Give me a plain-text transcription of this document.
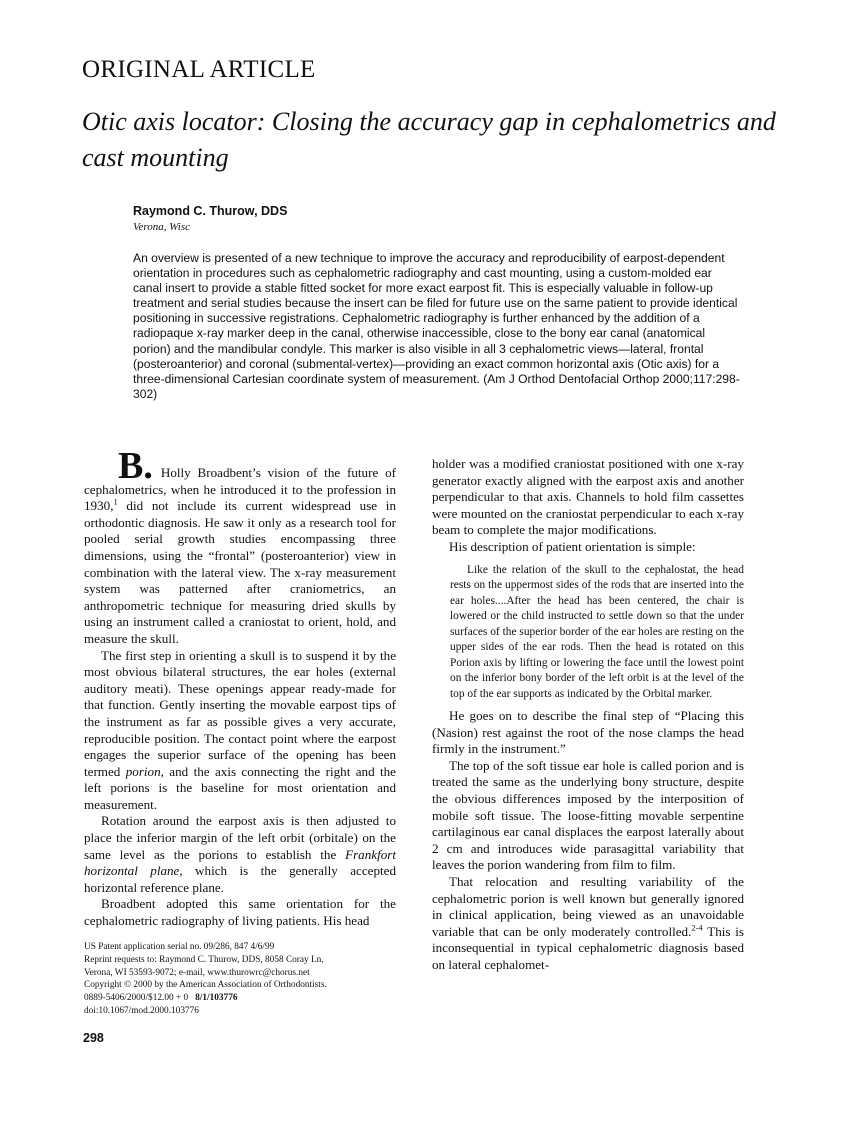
ORIGINAL ARTICLE
Otic axis locator: Closing the accuracy gap in cephalometrics and cast mounting
Raymond C. Thurow, DDS
Verona, Wisc
An overview is presented of a new technique to improve the accuracy and reproducibility of earpost-dependent orientation in procedures such as cephalometric radiography and cast mounting, using a custom-molded ear canal insert to provide a stable fitted socket for more exact earpost fit. This is especially valuable in follow-up treatment and serial studies because the insert can be filed for future use on the same patient to provide identical positioning in successive registrations. Cephalometric radiography is further enhanced by the addition of a radiopaque x-ray marker deep in the canal, otherwise inaccessible, close to the bony ear canal (anatomical porion) and the mandibular condyle. This marker is also visible in all 3 cephalometric views—lateral, frontal (posteroanterior) and coronal (submental-vertex)—providing an exact common horizontal axis (Otic axis) for a three-dimensional Cartesian coordinate system of measurement. (Am J Orthod Dentofacial Orthop 2000;117:298-302)

B. Holly Broadbent’s vision of the future of cephalometrics, when he introduced it to the profession in 1930,$^1$ did not include its current widespread use in orthodontic diagnosis. He saw it only as a research tool for pooled serial growth studies encompassing three dimensions, using the “frontal” (posteroanterior) view in combination with the lateral view. The x-ray measurement system was patterned after craniometrics, an anthropometric technique for measuring dried skulls by using an instrument called a craniostat to orient, hold, and measure the skull.

The first step in orienting a skull is to suspend it by the most obvious bilateral structures, the ear holes (external auditory meati). These openings appear ready-made for that function. Gently inserting the movable earpost tips of the instrument as far as possible gives a very accurate, reproducible position. The contact point where the earpost engages the superior surface of the opening has been termed porion, and the axis connecting the right and the left porions is the baseline for most orientation and measurement.

Rotation around the earpost axis is then adjusted to place the inferior margin of the left orbit (orbitale) on the same level as the porions to establish the Frankfort horizontal plane, which is the generally accepted horizontal reference plane.

Broadbent adopted this same orientation for the cephalometric radiography of living patients. His head

holder was a modified craniostat positioned with one x-ray generator exactly aligned with the earpost axis and another perpendicular to that axis. Channels to hold film cassettes were mounted on the craniostat perpendicular to each x-ray beam to complete the major modifications.

His description of patient orientation is simple:

Like the relation of the skull to the cephalostat, the head rests on the uppermost sides of the rods that are inserted into the ear holes....After the head has been centered, the chair is lowered or the child instructed to settle down so that the under surfaces of the superior border of the ear holes are resting on the upper sides of the ear rods. Then the head is rotated on this Porion axis by lifting or lowering the face until the lowest point on the inferior bony border of the left orbit is at the level of the top of the ear supports as indicated by the Orbital marker.

He goes on to describe the final step of “Placing this (Nasion) rest against the root of the nose clamps the head firmly in the instrument.”

The top of the soft tissue ear hole is called porion and is treated the same as the underlying bony structure, despite the obvious differences imposed by the interposition of mobile soft tissue. The loose-fitting movable serpentine cartilaginous ear canal displaces the earpost laterally about 2 cm and introduces wide parasagittal variability that leaves the porion wandering from film to film.

That relocation and resulting variability of the cephalometric porion is well known but generally ignored in clinical application, being viewed as an unavoidable variable that can be only moderately controlled.$^{2-4}$ This is inconsequential in typical cephalometric diagnosis based on lateral cephalomet-

US Patent application serial no. 09/286, 847 4/6/99
Reprint requests to: Raymond C. Thurow, DDS, 8058 Coray Ln,
Verona, WI 53593-9072; e-mail, www.thurowrc@chorus.net
Copyright © 2000 by the American Association of Orthodontists.
0889-5406/2000/$12.00 + 0 8/1/103776
doi:10.1067/mod.2000.103776
298
